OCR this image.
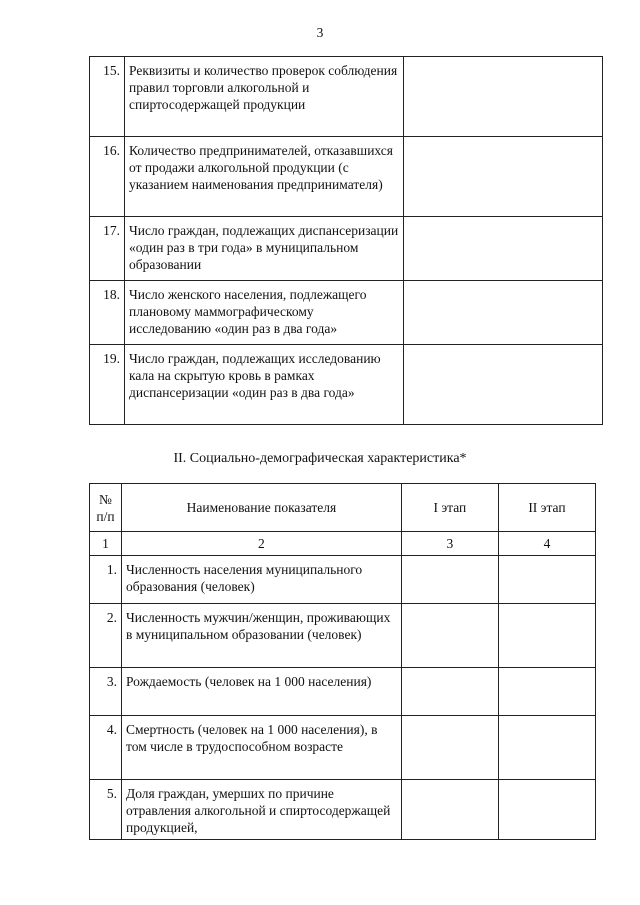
3
15.	Реквизиты и количество проверок соблюдения правил торговли алкогольной и спиртосодержащей продукции	
16.	Количество предпринимателей, отказавшихся от продажи алкогольной продукции (с указанием наименования предпринимателя)	
17.	Число граждан, подлежащих диспансеризации «один раз в три года» в муниципальном образовании	
18.	Число женского населения, подлежащего плановому маммографическому исследованию «один раз в два года»	
19.	Число граждан, подлежащих исследованию кала на скрытую кровь в рамках диспансеризации «один раз в два года»	
II. Социально-демографическая характеристика*
№ п/п	Наименование показателя	I этап	II этап
1	2	3	4
1.	Численность населения муниципального образования (человек)		
2.	Численность мужчин/женщин, проживающих в муниципальном образовании (человек)		
3.	Рождаемость (человек на 1 000 населения)		
4.	Смертность (человек на 1 000 населения), в том числе в трудоспособном возрасте		
5.	Доля граждан, умерших по причине отравления алкогольной и спиртосодержащей продукцией,		
